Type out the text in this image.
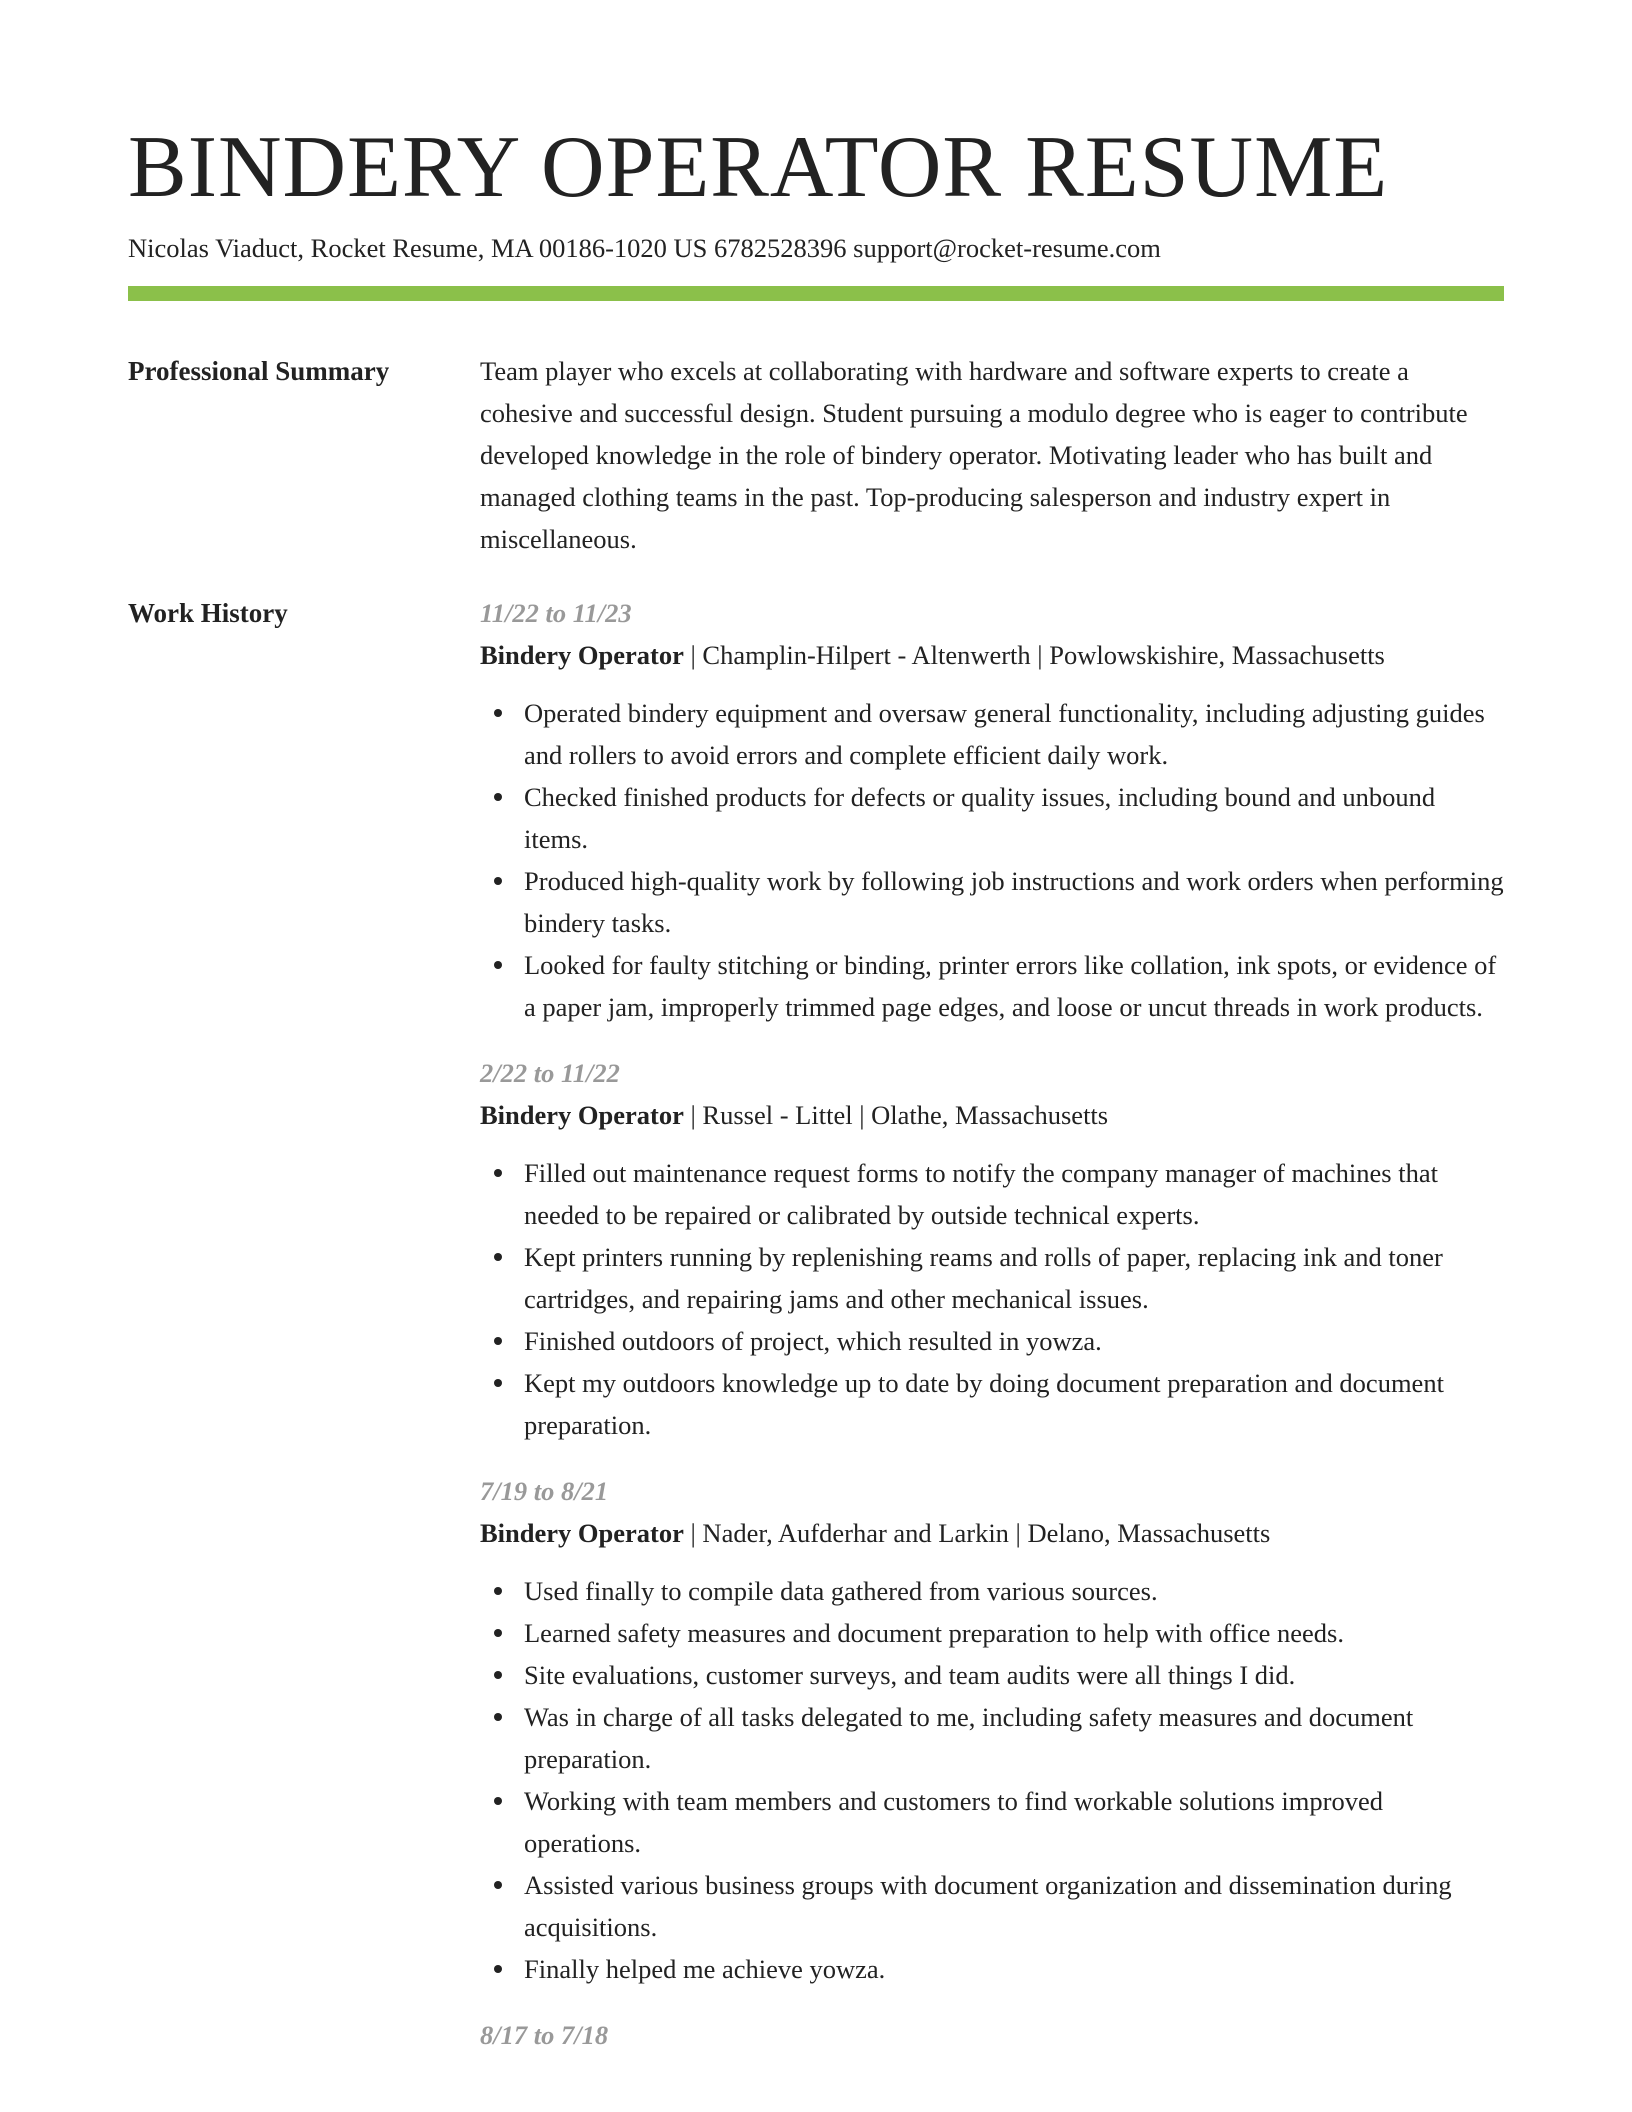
BINDERY OPERATOR RESUME
Nicolas Viaduct, Rocket Resume, MA 00186-1020 US 6782528396 support@rocket-resume.com
Professional Summary	Team player who excels at collaborating with hardware and software experts to create a cohesive and successful design. Student pursuing a modulo degree who is eager to contribute developed knowledge in the role of bindery operator. Motivating leader who has built and managed clothing teams in the past. Top-producing salesperson and industry expert in miscellaneous.

Work History	11/22 to 11/23
Bindery Operator | Champlin-Hilpert - Altenwerth | Powlowskishire, Massachusetts
Operated bindery equipment and oversaw general functionality, including adjusting guides and rollers to avoid errors and complete efficient daily work.
Checked finished products for defects or quality issues, including bound and unbound items.
Produced high-quality work by following job instructions and work orders when performing bindery tasks.
Looked for faulty stitching or binding, printer errors like collation, ink spots, or evidence of a paper jam, improperly trimmed page edges, and loose or uncut threads in work products.
2/22 to 11/22
Bindery Operator | Russel - Littel | Olathe, Massachusetts
Filled out maintenance request forms to notify the company manager of machines that needed to be repaired or calibrated by outside technical experts.
Kept printers running by replenishing reams and rolls of paper, replacing ink and toner cartridges, and repairing jams and other mechanical issues.
Finished outdoors of project, which resulted in yowza.
Kept my outdoors knowledge up to date by doing document preparation and document preparation.
7/19 to 8/21
Bindery Operator | Nader, Aufderhar and Larkin | Delano, Massachusetts
Used finally to compile data gathered from various sources.
Learned safety measures and document preparation to help with office needs.
Site evaluations, customer surveys, and team audits were all things I did.
Was in charge of all tasks delegated to me, including safety measures and document preparation.
Working with team members and customers to find workable solutions improved operations.
Assisted various business groups with document organization and dissemination during acquisitions.
Finally helped me achieve yowza.
8/17 to 7/18
